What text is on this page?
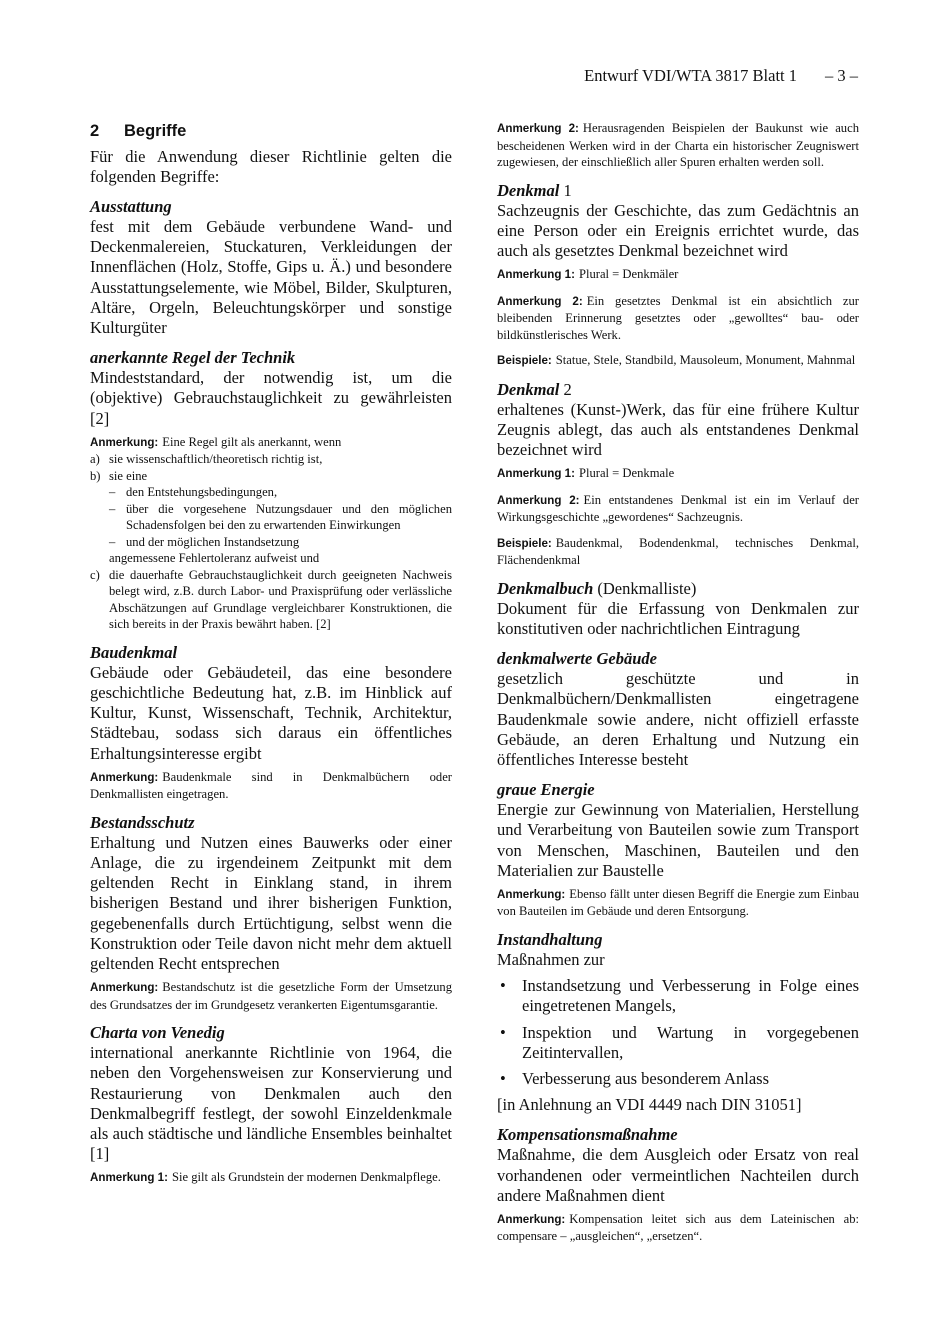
Entwurf VDI/WTA 3817 Blatt 1 – 3 –
2 Begriffe

Für die Anwendung dieser Richtlinie gelten die folgenden Begriffe:

Ausstattung

fest mit dem Gebäude verbundene Wand- und Deckenmalereien, Stuckaturen, Verkleidungen der Innenflächen (Holz, Stoffe, Gips u. Ä.) und besondere Ausstattungselemente, wie Möbel, Bilder, Skulpturen, Altäre, Orgeln, Beleuchtungskörper und sonstige Kulturgüter

anerkannte Regel der Technik

Mindeststandard, der notwendig ist, um die (objektive) Gebrauchstauglichkeit zu gewährleisten [2]

Anmerkung: Eine Regel gilt als anerkannt, wenn

a) sie wissenschaftlich/theoretisch richtig ist,
b) sie eine
– den Entstehungsbedingungen,
– über die vorgesehene Nutzungsdauer und den möglichen Schadensfolgen bei den zu erwartenden Einwirkungen
– und der möglichen Instandsetzung
angemessene Fehlertoleranz aufweist und
c) die dauerhafte Gebrauchstauglichkeit durch geeigneten Nachweis belegt wird, z.B. durch Labor- und Praxisprüfung oder verlässliche Abschätzungen auf Grundlage vergleichbarer Konstruktionen, die sich bereits in der Praxis bewährt haben. [2]

Baudenkmal

Gebäude oder Gebäudeteil, das eine besondere geschichtliche Bedeutung hat, z.B. im Hinblick auf Kultur, Kunst, Wissenschaft, Technik, Architektur, Städtebau, sodass sich daraus ein öffentliches Erhaltungsinteresse ergibt

Anmerkung: Baudenkmale sind in Denkmalbüchern oder Denkmallisten eingetragen.

Bestandsschutz

Erhaltung und Nutzen eines Bauwerks oder einer Anlage, die zu irgendeinem Zeitpunkt mit dem geltenden Recht in Einklang stand, in ihrem bisherigen Bestand und ihrer bisherigen Funktion, gegebenenfalls durch Ertüchtigung, selbst wenn die Konstruktion oder Teile davon nicht mehr dem aktuell geltenden Recht entsprechen

Anmerkung: Bestandschutz ist die gesetzliche Form der Umsetzung des Grundsatzes der im Grundgesetz verankerten Eigentumsgarantie.

Charta von Venedig

international anerkannte Richtlinie von 1964, die neben den Vorgehensweisen zur Konservierung und Restaurierung von Denkmalen auch den Denkmalbegriff festlegt, der sowohl Einzeldenkmale als auch städtische und ländliche Ensembles beinhaltet [1]

Anmerkung 1: Sie gilt als Grundstein der modernen Denkmalpflege.

Anmerkung 2: Herausragenden Beispielen der Baukunst wie auch bescheidenen Werken wird in der Charta ein historischer Zeugniswert zugewiesen, der einschließlich aller Spuren erhalten werden soll.

Denkmal 1

Sachzeugnis der Geschichte, das zum Gedächtnis an eine Person oder ein Ereignis errichtet wurde, das auch als gesetztes Denkmal bezeichnet wird

Anmerkung 1: Plural = Denkmäler

Anmerkung 2: Ein gesetztes Denkmal ist ein absichtlich zur bleibenden Erinnerung gesetztes oder „gewolltes“ bau- oder bildkünstlerisches Werk.

Beispiele: Statue, Stele, Standbild, Mausoleum, Monument, Mahnmal

Denkmal 2

erhaltenes (Kunst-)Werk, das für eine frühere Kultur Zeugnis ablegt, das auch als entstandenes Denkmal bezeichnet wird

Anmerkung 1: Plural = Denkmale

Anmerkung 2: Ein entstandenes Denkmal ist ein im Verlauf der Wirkungsgeschichte „gewordenes“ Sachzeugnis.

Beispiele: Baudenkmal, Bodendenkmal, technisches Denkmal, Flächendenkmal

Denkmalbuch (Denkmalliste)

Dokument für die Erfassung von Denkmalen zur konstitutiven oder nachrichtlichen Eintragung

denkmalwerte Gebäude

gesetzlich geschützte und in Denkmalbüchern/Denkmallisten eingetragene Baudenkmale sowie andere, nicht offiziell erfasste Gebäude, an deren Erhaltung und Nutzung ein öffentliches Interesse besteht

graue Energie

Energie zur Gewinnung von Materialien, Herstellung und Verarbeitung von Bauteilen sowie zum Transport von Menschen, Maschinen, Bauteilen und den Materialien zur Baustelle

Anmerkung: Ebenso fällt unter diesen Begriff die Energie zum Einbau von Bauteilen im Gebäude und deren Entsorgung.

Instandhaltung

Maßnahmen zur

• Instandsetzung und Verbesserung in Folge eines eingetretenen Mangels,
• Inspektion und Wartung in vorgegebenen Zeitintervallen,
• Verbesserung aus besonderem Anlass

[in Anlehnung an VDI 4449 nach DIN 31051]

Kompensationsmaßnahme

Maßnahme, die dem Ausgleich oder Ersatz von real vorhandenen oder vermeintlichen Nachteilen durch andere Maßnahmen dient

Anmerkung: Kompensation leitet sich aus dem Lateinischen ab: compensare – „ausgleichen“, „ersetzen“.
